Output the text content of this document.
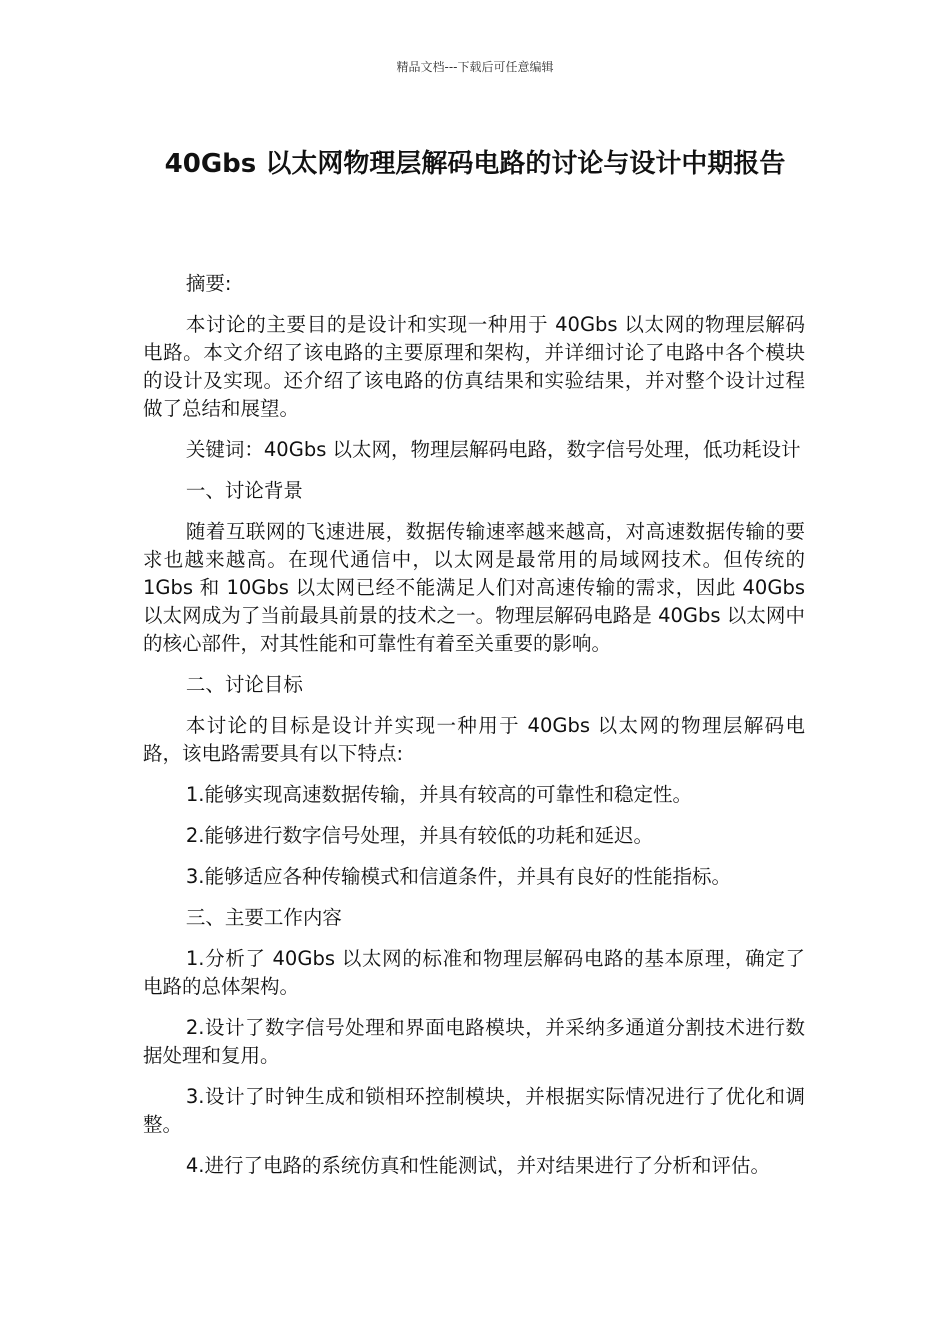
精品文档---下载后可任意编辑
40Gbs 以太网物理层解码电路的讨论与设计中期报告

摘要:

本讨论的主要目的是设计和实现一种用于 40Gbs 以太网的物理层解码电路。本文介绍了该电路的主要原理和架构，并详细讨论了电路中各个模块的设计及实现。还介绍了该电路的仿真结果和实验结果，并对整个设计过程做了总结和展望。

关键词：40Gbs 以太网，物理层解码电路，数字信号处理，低功耗设计

一、讨论背景

随着互联网的飞速进展，数据传输速率越来越高，对高速数据传输的要求也越来越高。在现代通信中，以太网是最常用的局域网技术。但传统的 1Gbs 和 10Gbs 以太网已经不能满足人们对高速传输的需求，因此 40Gbs 以太网成为了当前最具前景的技术之一。物理层解码电路是 40Gbs 以太网中的核心部件，对其性能和可靠性有着至关重要的影响。

二、讨论目标

本讨论的目标是设计并实现一种用于 40Gbs 以太网的物理层解码电路，该电路需要具有以下特点:

1.能够实现高速数据传输，并具有较高的可靠性和稳定性。

2.能够进行数字信号处理，并具有较低的功耗和延迟。

3.能够适应各种传输模式和信道条件，并具有良好的性能指标。

三、主要工作内容

1.分析了 40Gbs 以太网的标准和物理层解码电路的基本原理，确定了电路的总体架构。

2.设计了数字信号处理和界面电路模块，并采纳多通道分割技术进行数据处理和复用。

3.设计了时钟生成和锁相环控制模块，并根据实际情况进行了优化和调整。

4.进行了电路的系统仿真和性能测试，并对结果进行了分析和评估。
